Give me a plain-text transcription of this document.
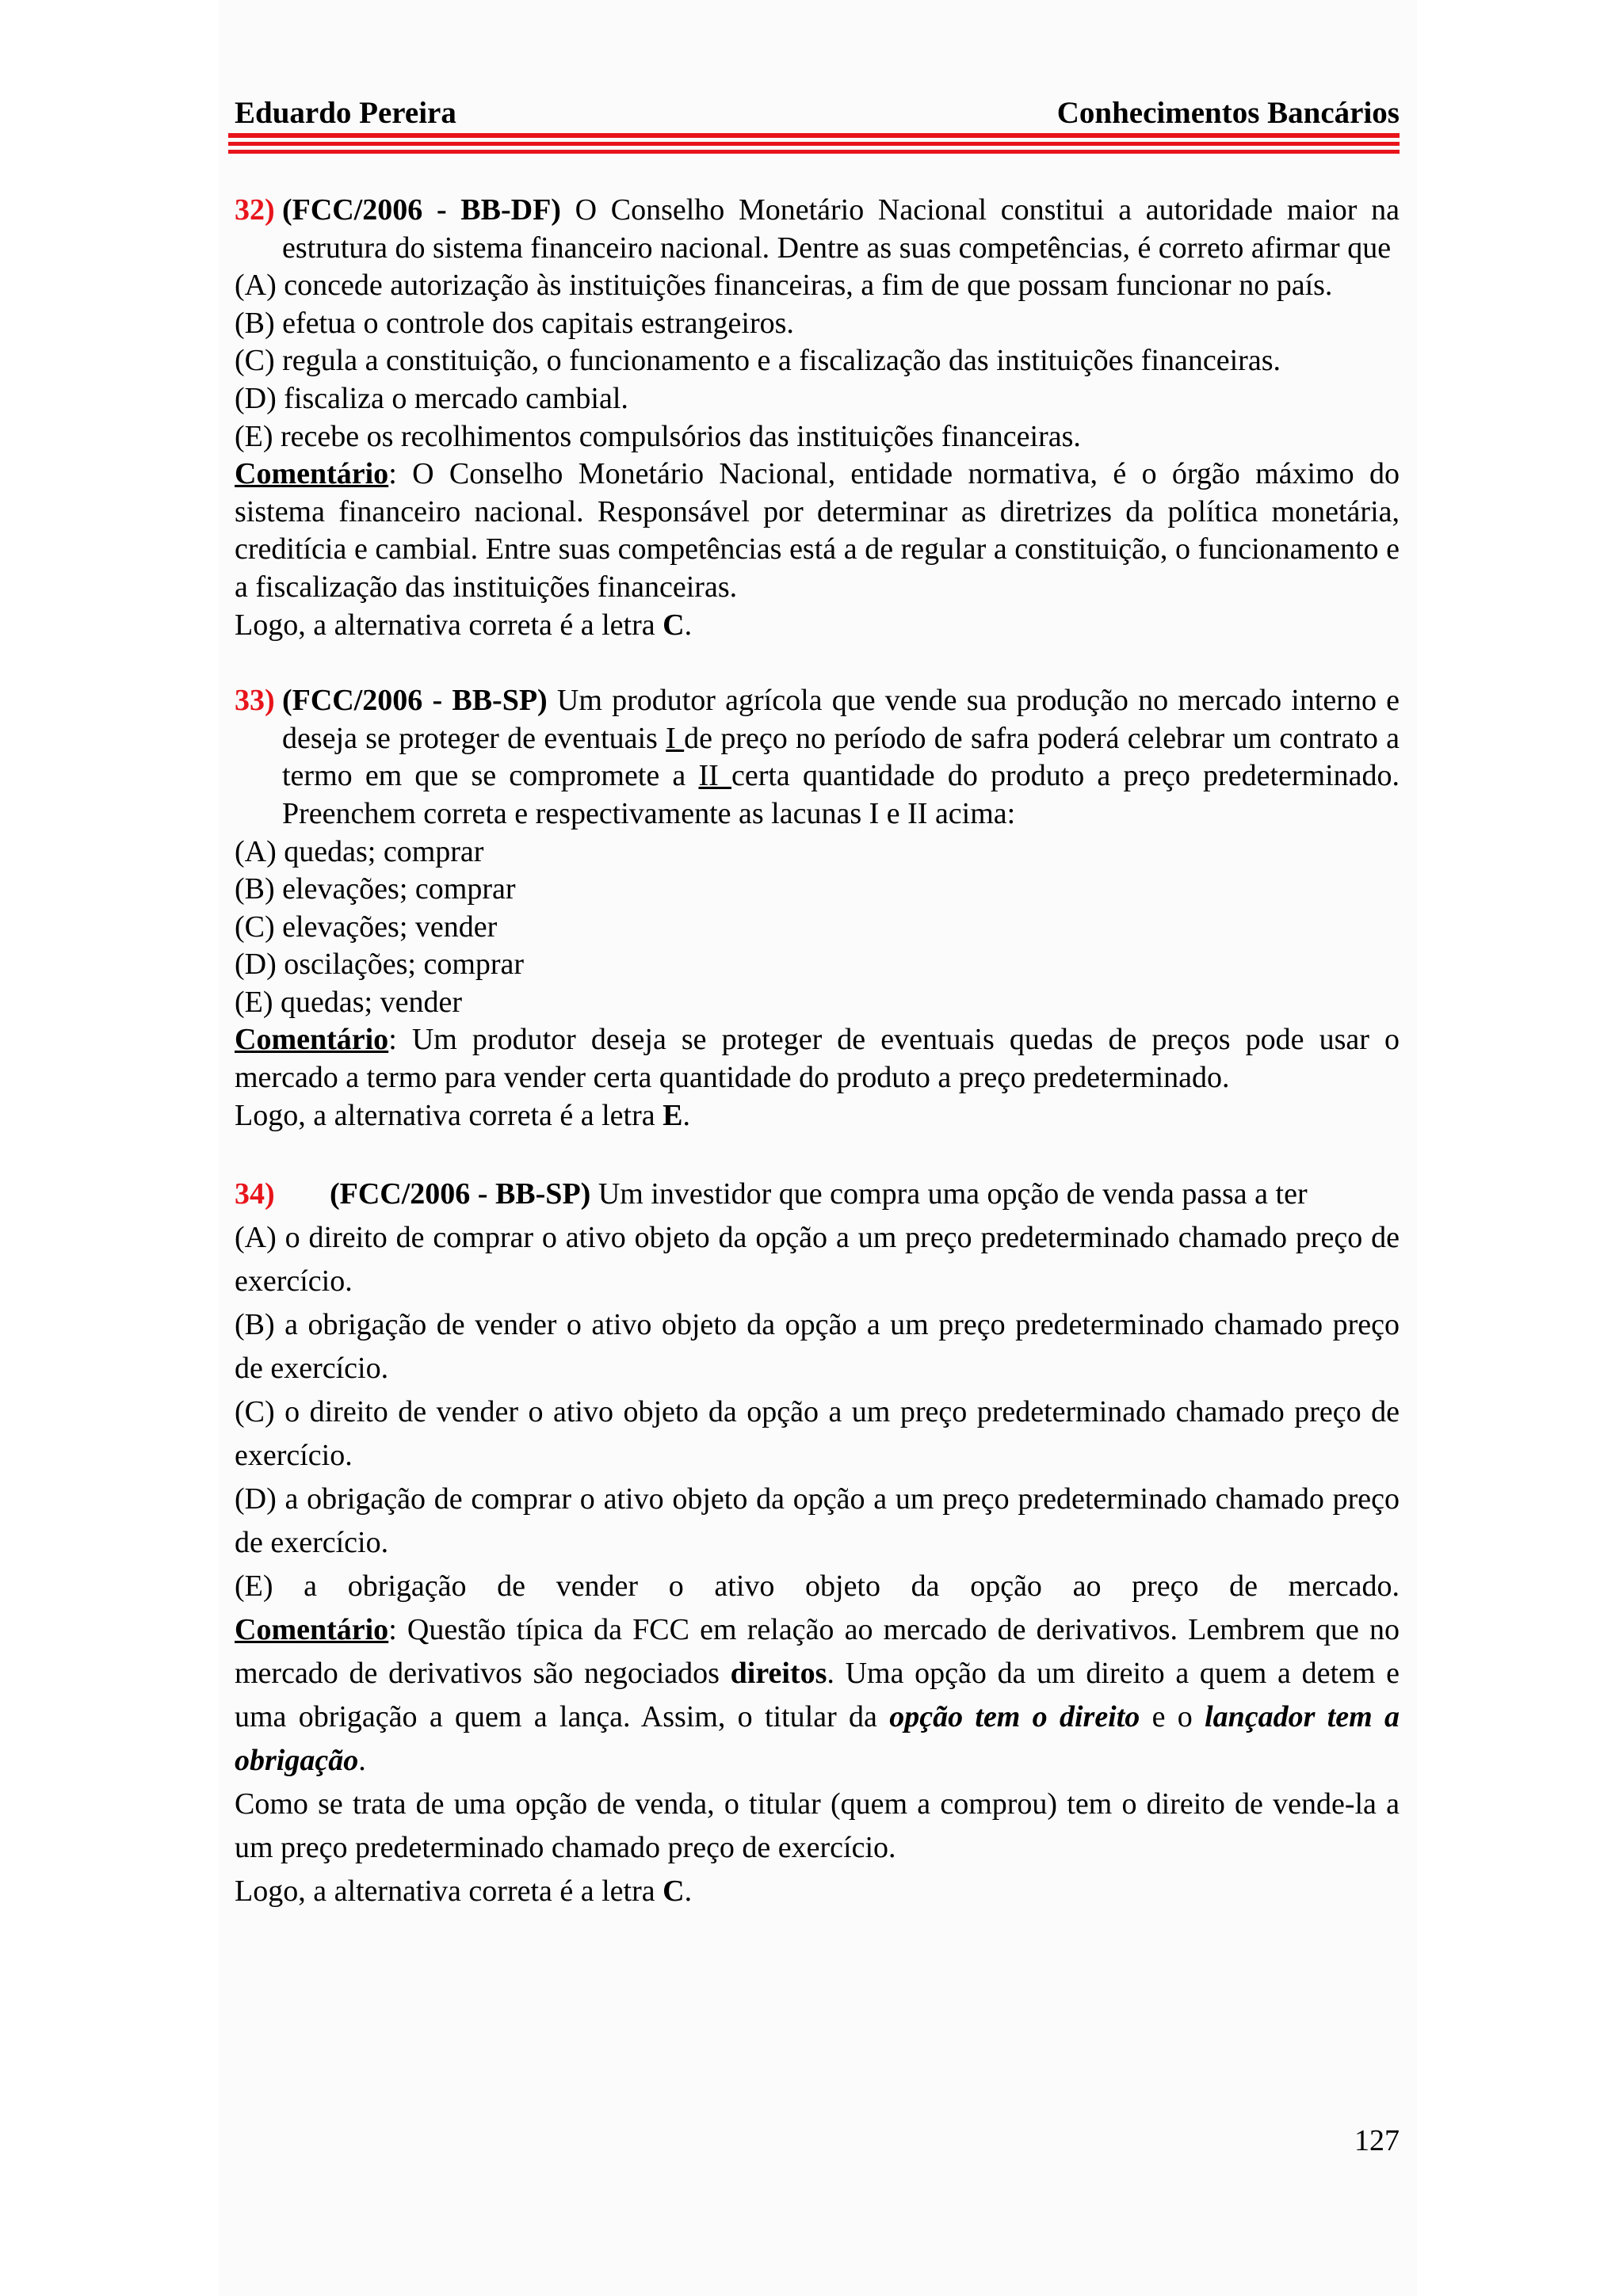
Eduardo Pereira	Conhecimentos Bancários
32) (FCC/2006 - BB-DF) O Conselho Monetário Nacional constitui a autoridade maior na estrutura do sistema financeiro nacional. Dentre as suas competências, é correto afirmar que
(A) concede autorização às instituições financeiras, a fim de que possam funcionar no país.
(B) efetua o controle dos capitais estrangeiros.
(C) regula a constituição, o funcionamento e a fiscalização das instituições financeiras.
(D) fiscaliza o mercado cambial.
(E) recebe os recolhimentos compulsórios das instituições financeiras.
Comentário: O Conselho Monetário Nacional, entidade normativa, é o órgão máximo do sistema financeiro nacional. Responsável por determinar as diretrizes da política monetária, creditícia e cambial. Entre suas competências está a de regular a constituição, o funcionamento e a fiscalização das instituições financeiras.
Logo, a alternativa correta é a letra C.
33) (FCC/2006 - BB-SP) Um produtor agrícola que vende sua produção no mercado interno e deseja se proteger de eventuais I de preço no período de safra poderá celebrar um contrato a termo em que se compromete a II certa quantidade do produto a preço predeterminado. Preenchem correta e respectivamente as lacunas I e II acima:
(A) quedas; comprar
(B) elevações; comprar
(C) elevações; vender
(D) oscilações; comprar
(E) quedas; vender
Comentário: Um produtor deseja se proteger de eventuais quedas de preços pode usar o mercado a termo para vender certa quantidade do produto a preço predeterminado.
Logo, a alternativa correta é a letra E.
34)	(FCC/2006 - BB-SP) Um investidor que compra uma opção de venda passa a ter
(A) o direito de comprar o ativo objeto da opção a um preço predeterminado chamado preço de exercício.
(B) a obrigação de vender o ativo objeto da opção a um preço predeterminado chamado preço de exercício.
(C) o direito de vender o ativo objeto da opção a um preço predeterminado chamado preço de exercício.
(D) a obrigação de comprar o ativo objeto da opção a um preço predeterminado chamado preço de exercício.
(E) a obrigação de vender o ativo objeto da opção ao preço de mercado.
Comentário: Questão típica da FCC em relação ao mercado de derivativos. Lembrem que no mercado de derivativos são negociados direitos. Uma opção da um direito a quem a detem e uma obrigação a quem a lança. Assim, o titular da opção tem o direito e o lançador tem a obrigação.
Como se trata de uma opção de venda, o titular (quem a comprou) tem o direito de vende-la a um preço predeterminado chamado preço de exercício.
Logo, a alternativa correta é a letra C.
127
